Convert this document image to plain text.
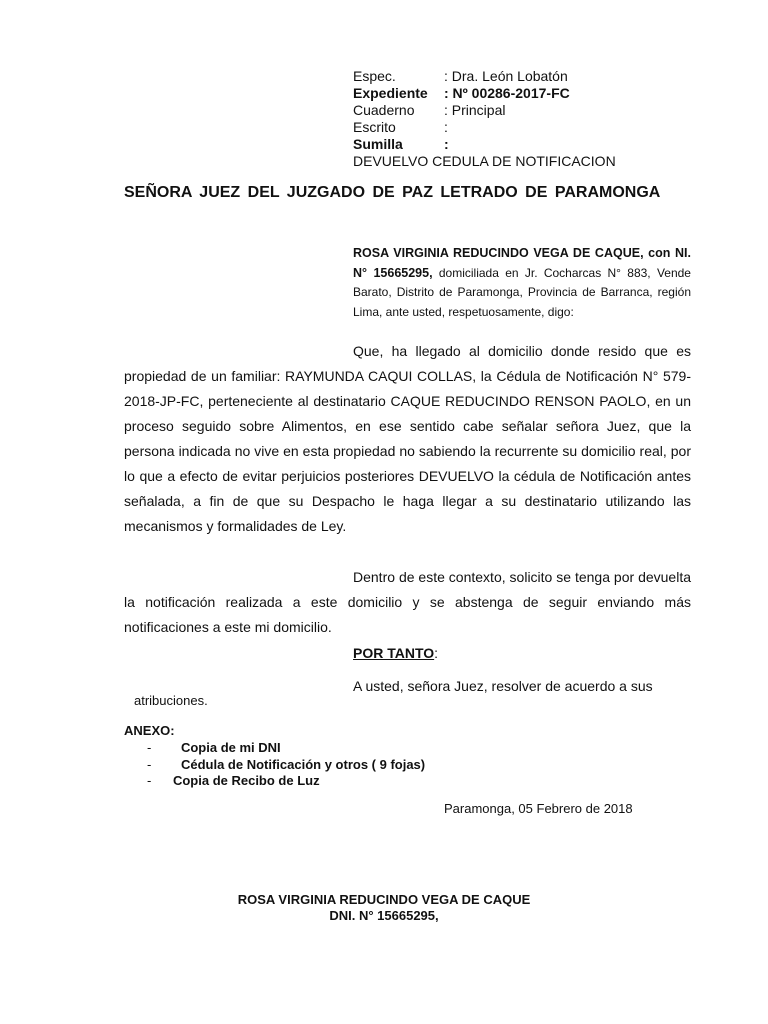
Espec.	: Dra. León Lobatón
Expediente	: Nº 00286-2017-FC
Cuaderno	: Principal
Escrito	:
Sumilla	:
DEVUELVO CEDULA DE NOTIFICACION
SEÑORA JUEZ DEL JUZGADO DE PAZ LETRADO DE PARAMONGA
ROSA VIRGINIA REDUCINDO VEGA DE CAQUE, con NI. N° 15665295, domiciliada en Jr. Cocharcas N° 883, Vende Barato, Distrito de Paramonga, Provincia de Barranca, región Lima, ante usted, respetuosamente, digo:
Que, ha llegado al domicilio donde resido que es propiedad de un familiar: RAYMUNDA CAQUI COLLAS, la Cédula de Notificación N° 579-2018-JP-FC, perteneciente al destinatario CAQUE REDUCINDO RENSON PAOLO, en un proceso seguido sobre Alimentos, en ese sentido cabe señalar señora Juez, que la persona indicada no vive en esta propiedad no sabiendo la recurrente su domicilio real, por lo que a efecto de evitar perjuicios posteriores DEVUELVO la cédula de Notificación antes señalada, a fin de que su Despacho le haga llegar a su destinatario utilizando las mecanismos y formalidades de Ley.
Dentro de este contexto, solicito se tenga por devuelta la notificación realizada a este domicilio y se abstenga de seguir enviando más notificaciones a este mi domicilio.
POR TANTO:
A usted, señora Juez, resolver de acuerdo a sus
atribuciones.
ANEXO:
- Copia de mi DNI
- Cédula de Notificación y otros ( 9 fojas)
- Copia de Recibo de Luz
Paramonga, 05 Febrero de 2018
ROSA VIRGINIA REDUCINDO VEGA DE CAQUE
DNI. N° 15665295,
